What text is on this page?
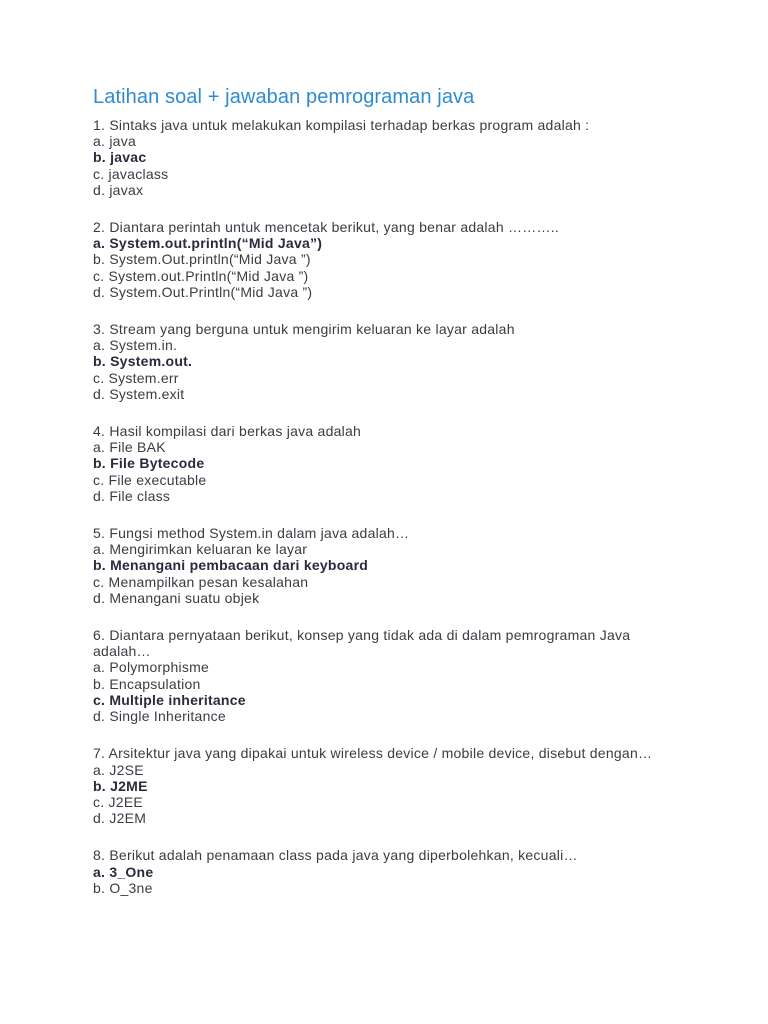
Latihan soal + jawaban pemrograman java
1. Sintaks java untuk melakukan kompilasi terhadap berkas program adalah :
a. java
b. javac
c. javaclass
d. javax
2. Diantara perintah untuk mencetak berikut, yang benar adalah ………..
a. System.out.println(“Mid Java”)
b. System.Out.println(“Mid Java ”)
c. System.out.Println(“Mid Java ”)
d. System.Out.Println(“Mid Java ”)
3. Stream yang berguna untuk mengirim keluaran ke layar adalah
a. System.in.
b. System.out.
c. System.err
d. System.exit
4. Hasil kompilasi dari berkas java adalah
a. File BAK
b. File Bytecode
c. File executable
d. File class
5. Fungsi method System.in dalam java adalah…
a. Mengirimkan keluaran ke layar
b. Menangani pembacaan dari keyboard
c. Menampilkan pesan kesalahan
d. Menangani suatu objek
6. Diantara pernyataan berikut, konsep yang tidak ada di dalam pemrograman Java adalah…
a. Polymorphisme
b. Encapsulation
c. Multiple inheritance
d. Single Inheritance
7. Arsitektur java yang dipakai untuk wireless device / mobile device, disebut dengan…
a. J2SE
b. J2ME
c. J2EE
d. J2EM
8. Berikut adalah penamaan class pada java yang diperbolehkan, kecuali…
a. 3_One
b. O_3ne
